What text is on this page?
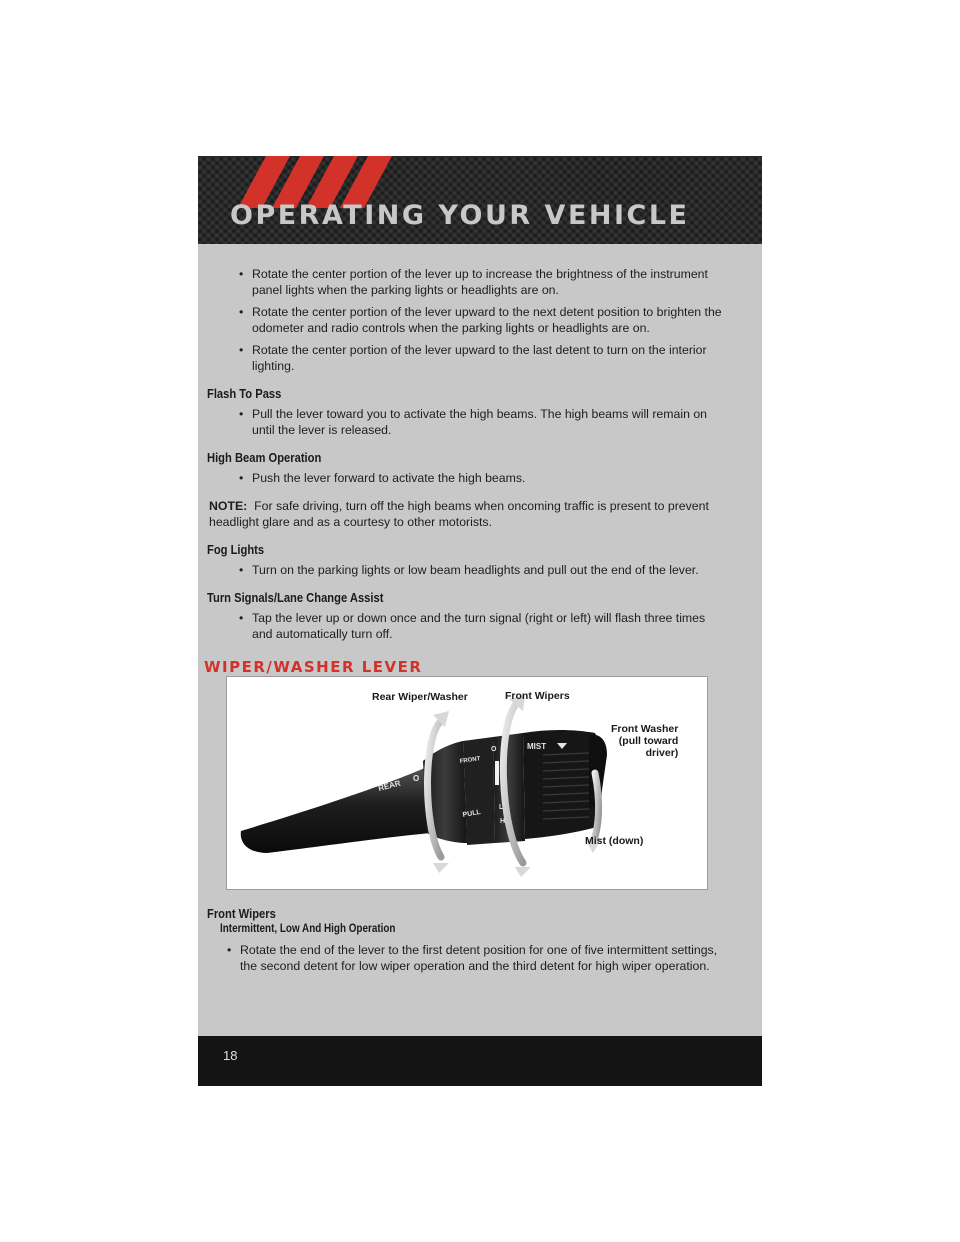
OPERATING YOUR VEHICLE
• Rotate the center portion of the lever up to increase the brightness of the instrument panel lights when the parking lights or headlights are on.
• Rotate the center portion of the lever upward to the next detent position to brighten the odometer and radio controls when the parking lights or headlights are on.
• Rotate the center portion of the lever upward to the last detent to turn on the interior lighting.
Flash To Pass
• Pull the lever toward you to activate the high beams. The high beams will remain on until the lever is released.
High Beam Operation
• Push the lever forward to activate the high beams.
NOTE: For safe driving, turn off the high beams when oncoming traffic is present to prevent headlight glare and as a courtesy to other motorists.
Fog Lights
• Turn on the parking lights or low beam headlights and pull out the end of the lever.
Turn Signals/Lane Change Assist
• Tap the lever up or down once and the turn signal (right or left) will flash three times and automatically turn off.
WIPER/WASHER LEVER
REAR
FRONT
PULL
LO
HI
MIST
O
O
Rear Wiper/Washer	Front Wipers
Front Washer
(pull toward
driver)
Mist (down)
Front Wipers
Intermittent, Low And High Operation
• Rotate the end of the lever to the first detent position for one of five intermittent settings, the second detent for low wiper operation and the third detent for high wiper operation.
18
